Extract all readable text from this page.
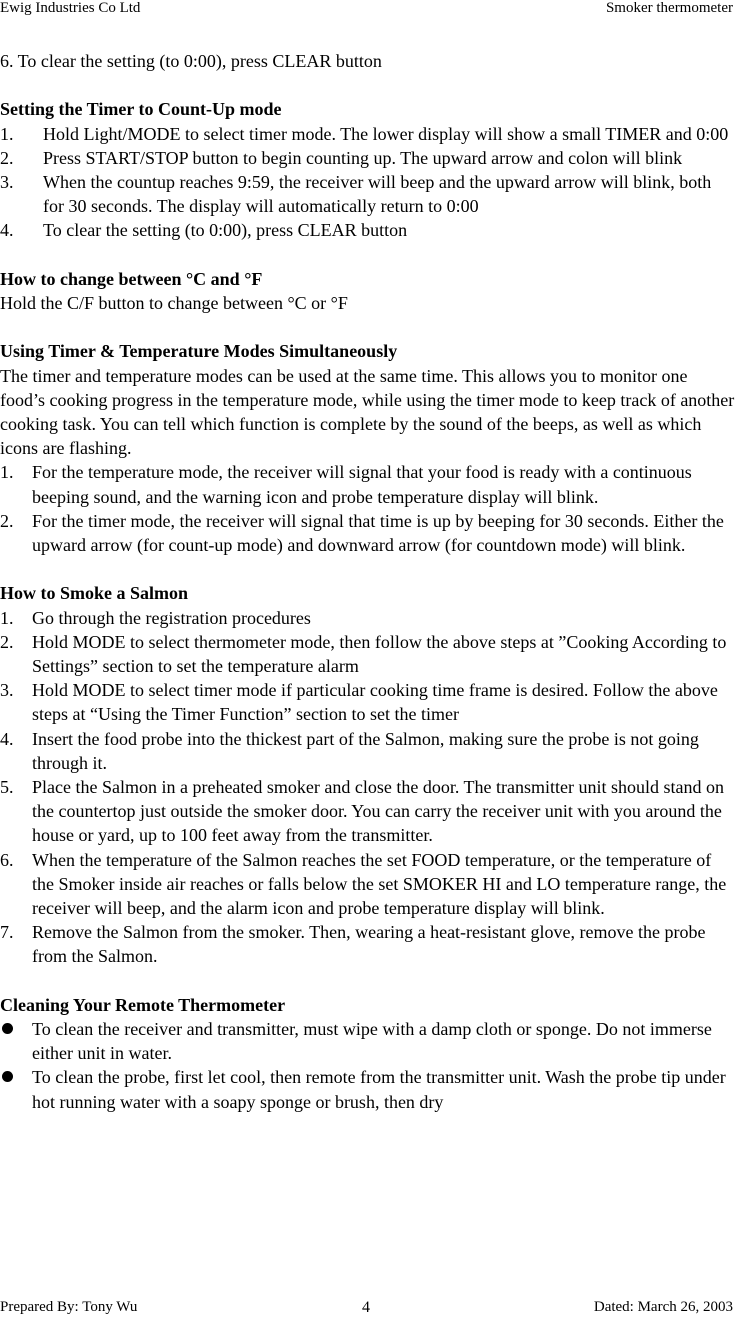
Ewig Industries Co Ltd	Smoker thermometer

6. To clear the setting (to 0:00), press CLEAR button

Setting the Timer to Count-Up mode

1. Hold Light/MODE to select timer mode. The lower display will show a small TIMER and 0:00
2. Press START/STOP button to begin counting up. The upward arrow and colon will blink
3. When the countup reaches 9:59, the receiver will beep and the upward arrow will blink, both for 30 seconds. The display will automatically return to 0:00
4. To clear the setting (to 0:00), press CLEAR button

How to change between °C and °F

Hold the C/F button to change between °C or °F

Using Timer & Temperature Modes Simultaneously

The timer and temperature modes can be used at the same time. This allows you to monitor one food’s cooking progress in the temperature mode, while using the timer mode to keep track of another cooking task. You can tell which function is complete by the sound of the beeps, as well as which icons are flashing.

1. For the temperature mode, the receiver will signal that your food is ready with a continuous beeping sound, and the warning icon and probe temperature display will blink.
2. For the timer mode, the receiver will signal that time is up by beeping for 30 seconds. Either the upward arrow (for count-up mode) and downward arrow (for countdown mode) will blink.

How to Smoke a Salmon

1. Go through the registration procedures
2. Hold MODE to select thermometer mode, then follow the above steps at ”Cooking According to Settings” section to set the temperature alarm
3. Hold MODE to select timer mode if particular cooking time frame is desired. Follow the above steps at “Using the Timer Function” section to set the timer
4. Insert the food probe into the thickest part of the Salmon, making sure the probe is not going through it.
5. Place the Salmon in a preheated smoker and close the door. The transmitter unit should stand on the countertop just outside the smoker door. You can carry the receiver unit with you around the house or yard, up to 100 feet away from the transmitter.
6. When the temperature of the Salmon reaches the set FOOD temperature, or the temperature of the Smoker inside air reaches or falls below the set SMOKER HI and LO temperature range, the receiver will beep, and the alarm icon and probe temperature display will blink.
7. Remove the Salmon from the smoker. Then, wearing a heat-resistant glove, remove the probe from the Salmon.

Cleaning Your Remote Thermometer

To clean the receiver and transmitter, must wipe with a damp cloth or sponge. Do not immerse either unit in water.
To clean the probe, first let cool, then remote from the transmitter unit. Wash the probe tip under hot running water with a soapy sponge or brush, then dry
Prepared By: Tony Wu	4	Dated: March 26, 2003
